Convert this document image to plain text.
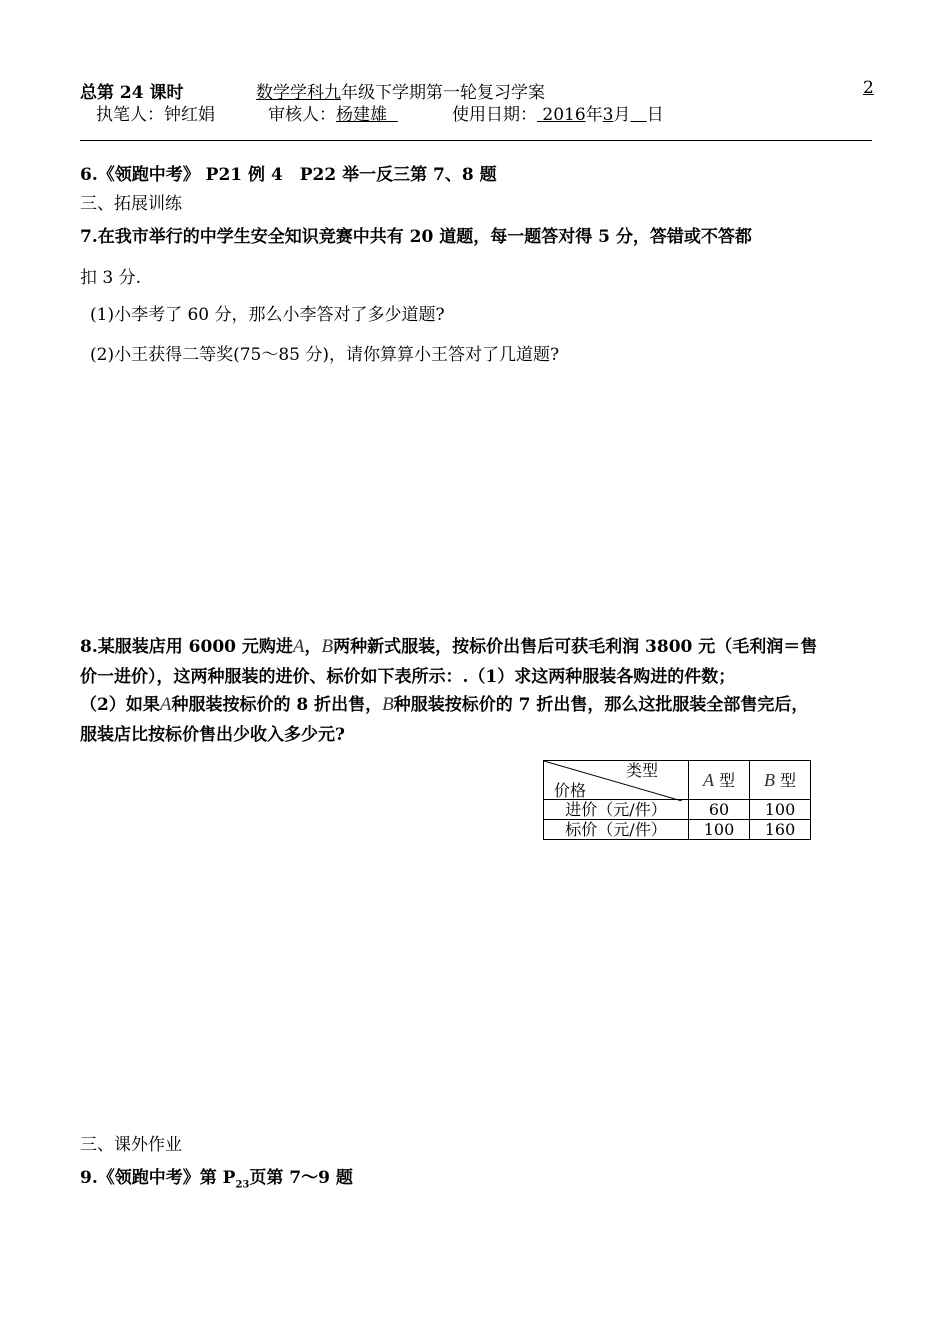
总第 24 课时	数学学科九年级下学期第一轮复习学案	2
执笔人：钟红娟	审核人：杨建雄	使用日期： 2016年3月 日
6.《领跑中考》 P21 例 4　P22 举一反三第 7、8 题
三、拓展训练
7.在我市举行的中学生安全知识竞赛中共有 20 道题，每一题答对得 5 分，答错或不答都
扣 3 分.
(1)小李考了 60 分，那么小李答对了多少道题?
(2)小王获得二等奖(75～85 分)，请你算算小王答对了几道题?
8.某服装店用 6000 元购进A，B两种新式服装，按标价出售后可获毛利润 3800 元（毛利润＝售
价一进价），这两种服装的进价、标价如下表所示：.（1）求这两种服装各购进的件数；
（2）如果A种服装按标价的 8 折出售，B种服装按标价的 7 折出售，那么这批服装全部售完后，
服装店比按标价售出少收入多少元?
类型
价格	A 型	B 型
进价（元/件）	60	100
标价（元/件）	100	160
三、课外作业
9.《领跑中考》第 $P_{23}$页第 7～9 题
